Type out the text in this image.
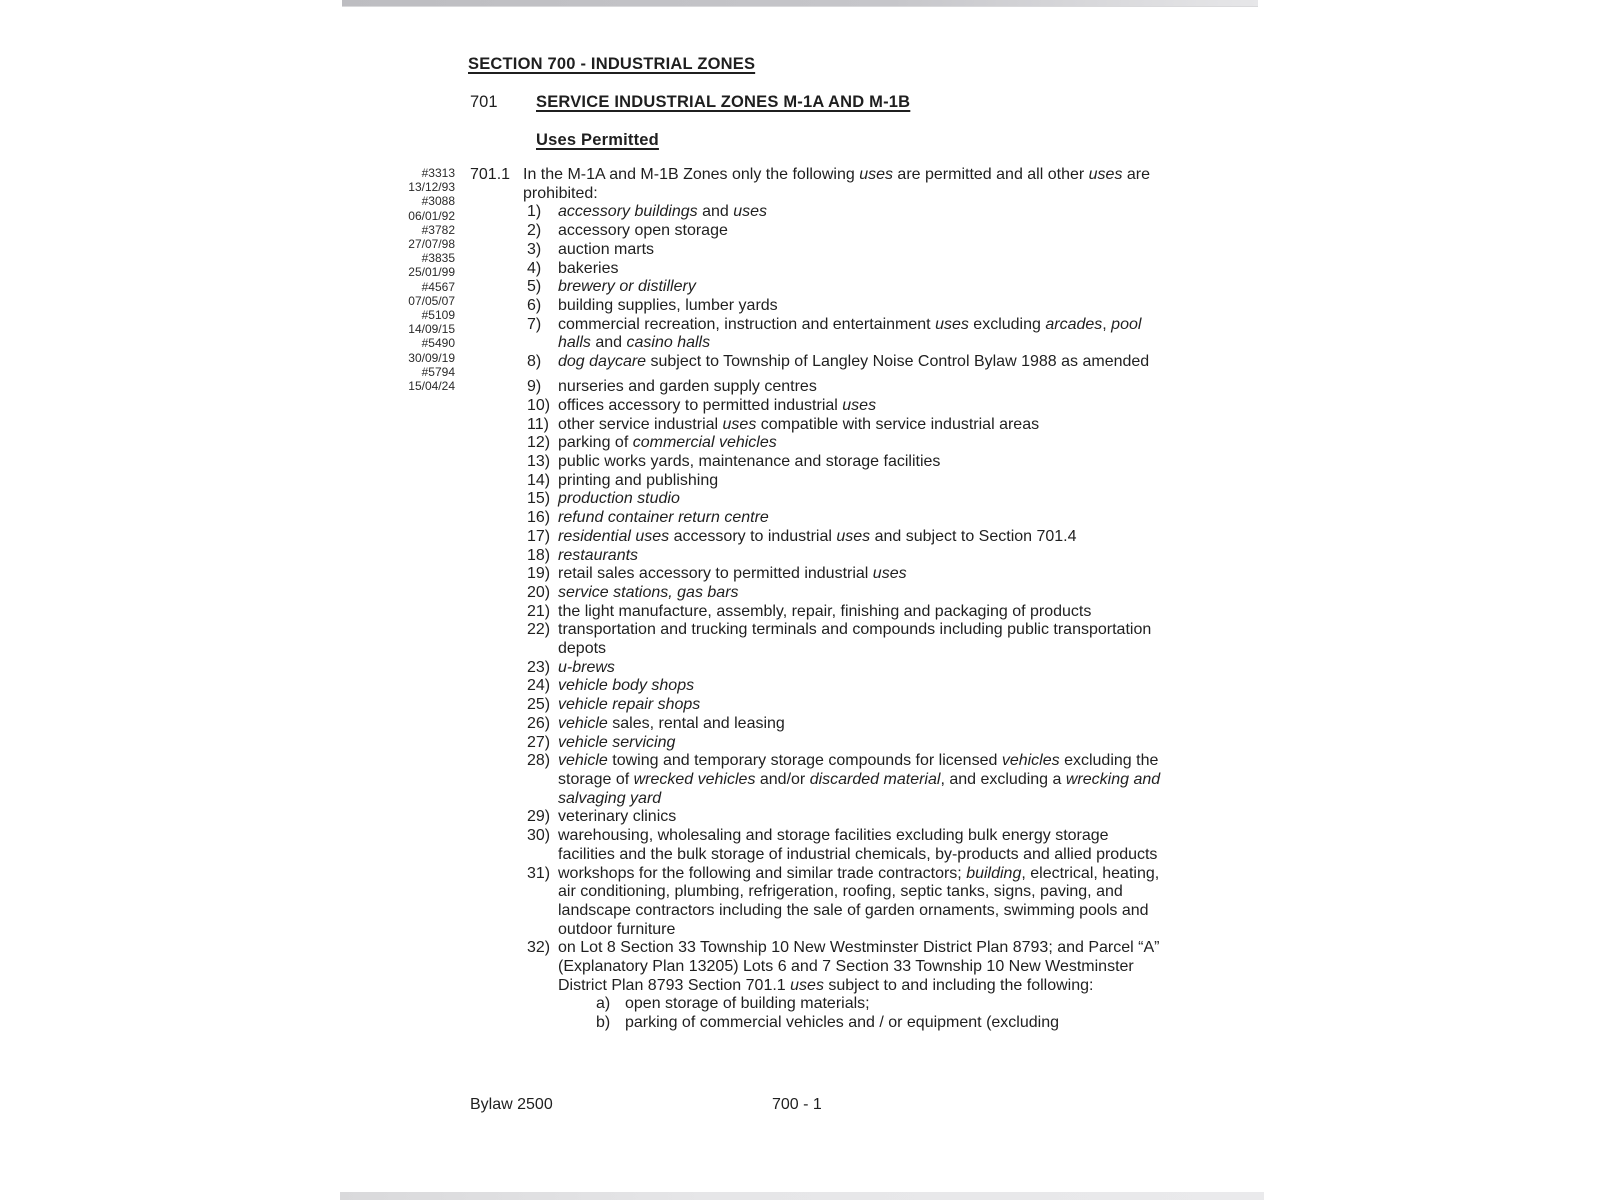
SECTION 700 - INDUSTRIAL ZONES
701 SERVICE INDUSTRIAL ZONES M-1A AND M-1B
Uses Permitted
#3313
13/12/93
#3088
06/01/92
#3782
27/07/98
#3835
25/01/99
#4567
07/05/07
#5109
14/09/15
#5490
30/09/19
#5794
15/04/24
701.1 In the M-1A and M-1B Zones only the following uses are permitted and all other uses are prohibited:

1) accessory buildings and uses
2) accessory open storage
3) auction marts
4) bakeries
5) brewery or distillery
6) building supplies, lumber yards
7) commercial recreation, instruction and entertainment uses excluding arcades, pool halls and casino halls
8) dog daycare subject to Township of Langley Noise Control Bylaw 1988 as amended
9) nurseries and garden supply centres
10) offices accessory to permitted industrial uses
11) other service industrial uses compatible with service industrial areas
12) parking of commercial vehicles
13) public works yards, maintenance and storage facilities
14) printing and publishing
15) production studio
16) refund container return centre
17) residential uses accessory to industrial uses and subject to Section 701.4
18) restaurants
19) retail sales accessory to permitted industrial uses
20) service stations, gas bars
21) the light manufacture, assembly, repair, finishing and packaging of products
22) transportation and trucking terminals and compounds including public transportation depots
23) u-brews
24) vehicle body shops
25) vehicle repair shops
26) vehicle sales, rental and leasing
27) vehicle servicing
28) vehicle towing and temporary storage compounds for licensed vehicles excluding the storage of wrecked vehicles and/or discarded material, and excluding a wrecking and salvaging yard
29) veterinary clinics
30) warehousing, wholesaling and storage facilities excluding bulk energy storage facilities and the bulk storage of industrial chemicals, by-products and allied products
31) workshops for the following and similar trade contractors; building, electrical, heating, air conditioning, plumbing, refrigeration, roofing, septic tanks, signs, paving, and landscape contractors including the sale of garden ornaments, swimming pools and outdoor furniture
32) on Lot 8 Section 33 Township 10 New Westminster District Plan 8793; and Parcel “A” (Explanatory Plan 13205) Lots 6 and 7 Section 33 Township 10 New Westminster District Plan 8793 Section 701.1 uses subject to and including the following:
a) open storage of building materials;
b) parking of commercial vehicles and / or equipment (excluding
Bylaw 2500	700 - 1
